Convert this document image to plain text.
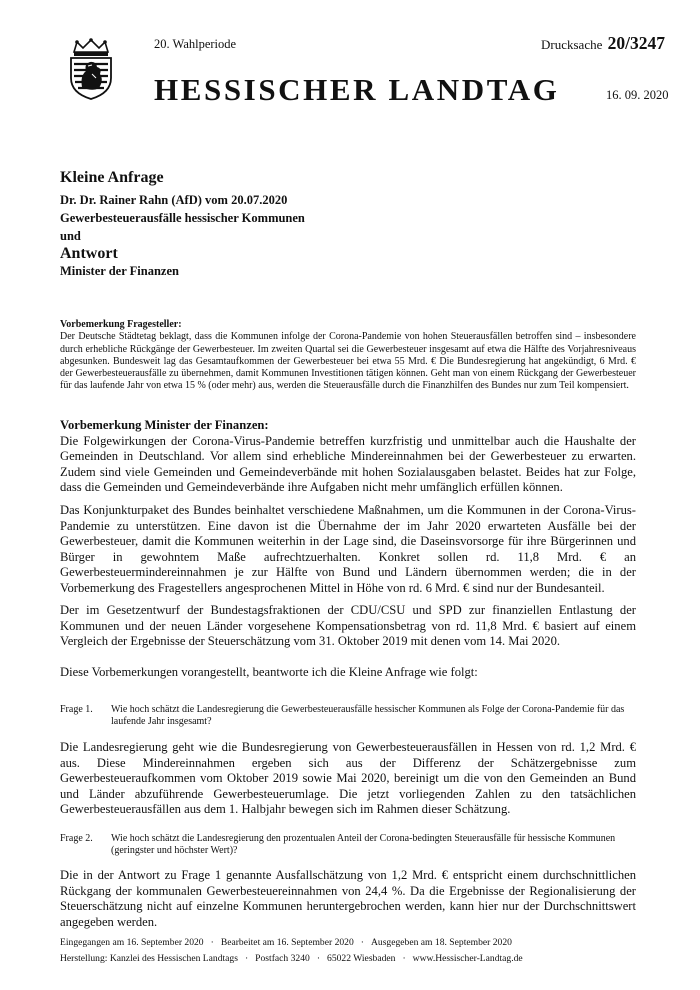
20. Wahlperiode	Drucksache 20/3247
HESSISCHER LANDTAG	16. 09. 2020
Kleine Anfrage
Dr. Dr. Rainer Rahn (AfD) vom 20.07.2020
Gewerbesteuerausfälle hessischer Kommunen
und
Antwort
Minister der Finanzen
Vorbemerkung Fragesteller:

Der Deutsche Städtetag beklagt, dass die Kommunen infolge der Corona-Pandemie von hohen Steuerausfällen betroffen sind – insbesondere durch erhebliche Rückgänge der Gewerbesteuer. Im zweiten Quartal sei die Gewerbesteuer insgesamt auf etwa die Hälfte des Vorjahresniveaus abgesunken. Bundesweit lag das Gesamtaufkommen der Gewerbesteuer bei etwa 55 Mrd. € Die Bundesregierung hat angekündigt, 6 Mrd. € der Gewerbesteuerausfälle zu übernehmen, damit Kommunen Investitionen tätigen können. Geht man von einem Rückgang der Gewerbesteuer für das laufende Jahr von etwa 15 % (oder mehr) aus, werden die Steuerausfälle durch die Finanzhilfen des Bundes nur zum Teil kompensiert.

Vorbemerkung Minister der Finanzen:

Die Folgewirkungen der Corona-Virus-Pandemie betreffen kurzfristig und unmittelbar auch die Haushalte der Gemeinden in Deutschland. Vor allem sind erhebliche Mindereinnahmen bei der Gewerbesteuer zu erwarten. Zudem sind viele Gemeinden und Gemeindeverbände mit hohen Sozialausgaben belastet. Beides hat zur Folge, dass die Gemeinden und Gemeindeverbände ihre Aufgaben nicht mehr umfänglich erfüllen können.

Das Konjunkturpaket des Bundes beinhaltet verschiedene Maßnahmen, um die Kommunen in der Corona-Virus-Pandemie zu unterstützen. Eine davon ist die Übernahme der im Jahr 2020 erwarteten Ausfälle bei der Gewerbesteuer, damit die Kommunen weiterhin in der Lage sind, die Daseinsvorsorge für ihre Bürgerinnen und Bürger in gewohntem Maße aufrechtzuerhalten. Konkret sollen rd. 11,8 Mrd. € an Gewerbesteuermindereinnahmen je zur Hälfte von Bund und Ländern übernommen werden; die in der Vorbemerkung des Fragestellers angesprochenen Mittel in Höhe von rd. 6 Mrd. € sind nur der Bundesanteil.

Der im Gesetzentwurf der Bundestagsfraktionen der CDU/CSU und SPD zur finanziellen Entlastung der Kommunen und der neuen Länder vorgesehene Kompensationsbetrag von rd. 11,8 Mrd. € basiert auf einem Vergleich der Ergebnisse der Steuerschätzung vom 31. Oktober 2019 mit denen vom 14. Mai 2020.

Diese Vorbemerkungen vorangestellt, beantworte ich die Kleine Anfrage wie folgt:

Frage 1. Wie hoch schätzt die Landesregierung die Gewerbesteuerausfälle hessischer Kommunen als Folge der Corona-Pandemie für das laufende Jahr insgesamt?

Die Landesregierung geht wie die Bundesregierung von Gewerbesteuerausfällen in Hessen von rd. 1,2 Mrd. € aus. Diese Mindereinnahmen ergeben sich aus der Differenz der Schätzergebnisse zum Gewerbesteueraufkommen vom Oktober 2019 sowie Mai 2020, bereinigt um die von den Gemeinden an Bund und Länder abzuführende Gewerbesteuerumlage. Die jetzt vorliegenden Zahlen zu den tatsächlichen Gewerbesteuerausfällen aus dem 1. Halbjahr bewegen sich im Rahmen dieser Schätzung.

Frage 2. Wie hoch schätzt die Landesregierung den prozentualen Anteil der Corona-bedingten Steuerausfälle für hessische Kommunen (geringster und höchster Wert)?

Die in der Antwort zu Frage 1 genannte Ausfallschätzung von 1,2 Mrd. € entspricht einem durchschnittlichen Rückgang der kommunalen Gewerbesteuereinnahmen von 24,4 %. Da die Ergebnisse der Regionalisierung der Steuerschätzung nicht auf einzelne Kommunen heruntergebrochen werden, kann hier nur der Durchschnittswert angegeben werden.

Eingegangen am 16. September 2020 · Bearbeitet am 16. September 2020 · Ausgegeben am 18. September 2020
Herstellung: Kanzlei des Hessischen Landtags · Postfach 3240 · 65022 Wiesbaden · www.Hessischer-Landtag.de
